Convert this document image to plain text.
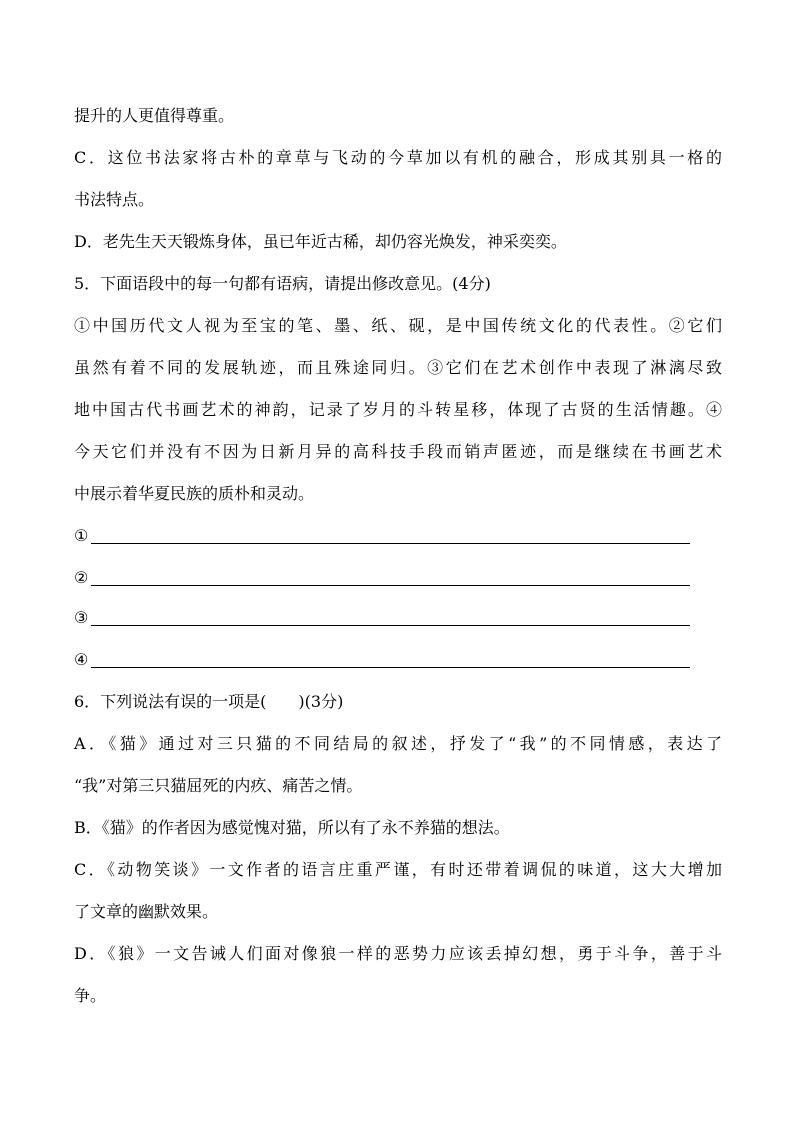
提升的人更值得尊重。
C．这位书法家将古朴的章草与飞动的今草加以有机的融合，形成其别具一格的
书法特点。
D．老先生天天锻炼身体，虽已年近古稀，却仍容光焕发，神采奕奕。
5．下面语段中的每一句都有语病，请提出修改意见。(4分)
①中国历代文人视为至宝的笔、墨、纸、砚，是中国传统文化的代表性。②它们
虽然有着不同的发展轨迹，而且殊途同归。③它们在艺术创作中表现了淋漓尽致
地中国古代书画艺术的神韵，记录了岁月的斗转星移，体现了古贤的生活情趣。④
今天它们并没有不因为日新月异的高科技手段而销声匿迹，而是继续在书画艺术
中展示着华夏民族的质朴和灵动。
①
②
③
④
6．下列说法有误的一项是(　　)(3分)
A．《猫》通过对三只猫的不同结局的叙述，抒发了“我”的不同情感，表达了
“我”对第三只猫屈死的内疚、痛苦之情。
B．《猫》的作者因为感觉愧对猫，所以有了永不养猫的想法。
C．《动物笑谈》一文作者的语言庄重严谨，有时还带着调侃的味道，这大大增加
了文章的幽默效果。
D．《狼》一文告诫人们面对像狼一样的恶势力应该丢掉幻想，勇于斗争，善于斗
争。
